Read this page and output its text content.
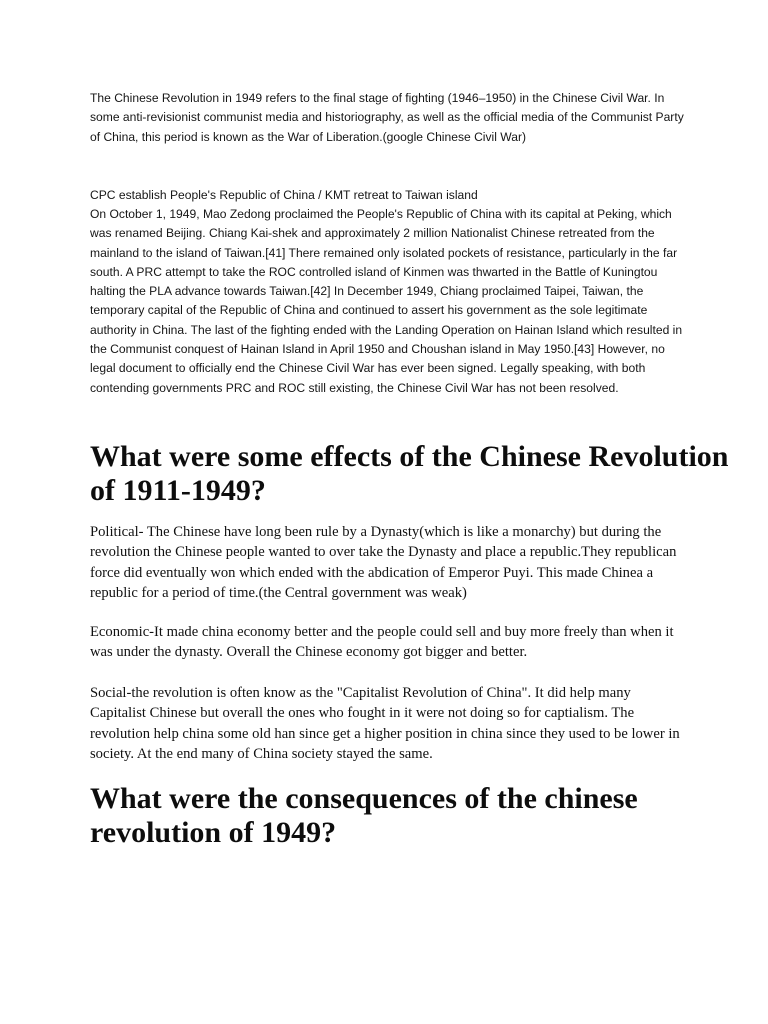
The Chinese Revolution in 1949 refers to the final stage of fighting (1946–1950) in the Chinese Civil War. In some anti-revisionist communist media and historiography, as well as the official media of the Communist Party of China, this period is known as the War of Liberation.(google Chinese Civil War)

CPC establish People's Republic of China / KMT retreat to Taiwan island

On October 1, 1949, Mao Zedong proclaimed the People's Republic of China with its capital at Peking, which was renamed Beijing. Chiang Kai-shek and approximately 2 million Nationalist Chinese retreated from the mainland to the island of Taiwan.[41] There remained only isolated pockets of resistance, particularly in the far south. A PRC attempt to take the ROC controlled island of Kinmen was thwarted in the Battle of Kuningtou halting the PLA advance towards Taiwan.[42] In December 1949, Chiang proclaimed Taipei, Taiwan, the temporary capital of the Republic of China and continued to assert his government as the sole legitimate authority in China. The last of the fighting ended with the Landing Operation on Hainan Island which resulted in the Communist conquest of Hainan Island in April 1950 and Choushan island in May 1950.[43] However, no legal document to officially end the Chinese Civil War has ever been signed. Legally speaking, with both contending governments PRC and ROC still existing, the Chinese Civil War has not been resolved.

What were some effects of the Chinese Revolution of 1911-1949?

Political- The Chinese have long been rule by a Dynasty(which is like a monarchy) but during the revolution the Chinese people wanted to over take the Dynasty and place a republic.They republican force did eventually won which ended with the abdication of Emperor Puyi. This made Chinea a republic for a period of time.(the Central government was weak)

Economic-It made china economy better and the people could sell and buy more freely than when it was under the dynasty. Overall the Chinese economy got bigger and better.

Social-the revolution is often know as the "Capitalist Revolution of China". It did help many Capitalist Chinese but overall the ones who fought in it were not doing so for captialism. The revolution help china some old han since get a higher position in china since they used to be lower in society. At the end many of China society stayed the same.

What were the consequences of the chinese revolution of 1949?
